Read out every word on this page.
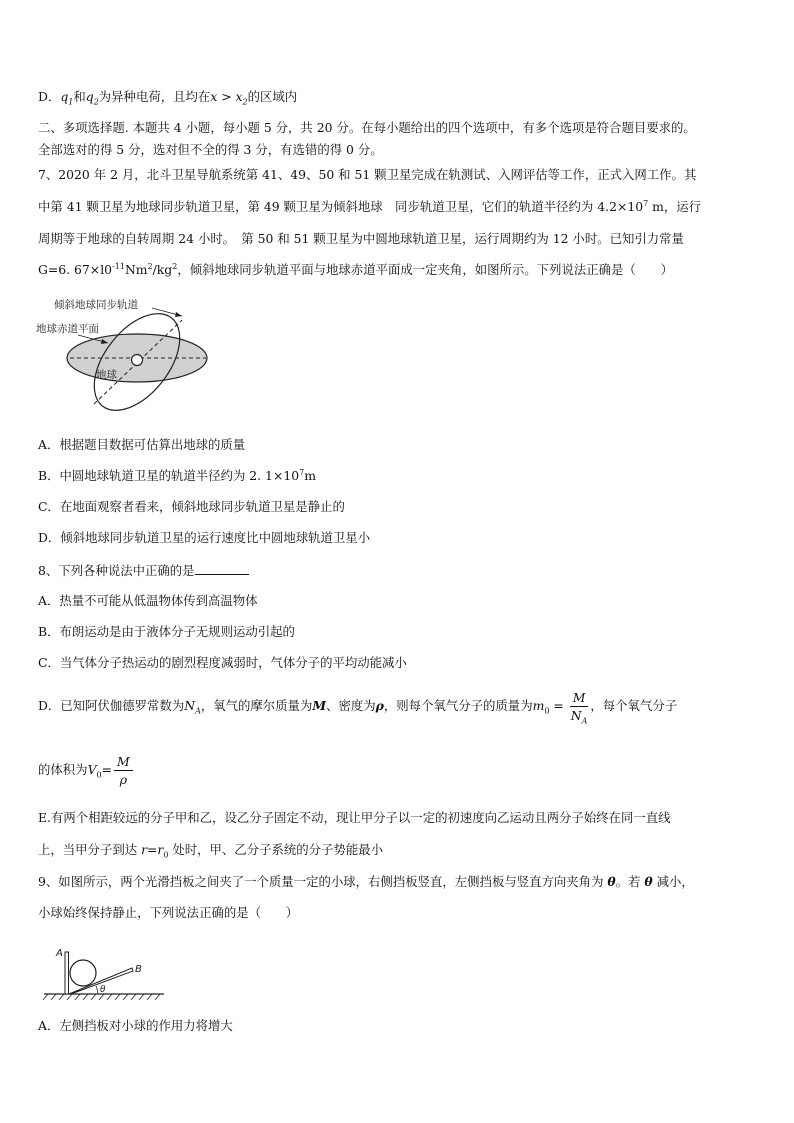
D．$q_1$和$q_2$为异种电荷，且均在$x > x_2$的区域内
二、多项选择题. 本题共 4 小题，每小题 5 分，共 20 分。在每小题给出的四个选项中，有多个选项是符合题目要求的。
全部选对的得 5 分，选对但不全的得 3 分，有选错的得 0 分。
7、2020 年 2 月，北斗卫星导航系统第 41、49、50 和 51 颗卫星完成在轨测试、入网评估等工作，正式入网工作。其
中第 41 颗卫星为地球同步轨道卫星，第 49 颗卫星为倾斜地球　同步轨道卫星，它们的轨道半径约为 $4.2\times 10^7$ m，运行
周期等于地球的自转周期 24 小时。　第 50 和 51 颗卫星为中圆地球轨道卫星，运行周期约为 12 小时。已知引力常量
G=6. $67\times l0^{-11}Nm^2/kg^2$，倾斜地球同步轨道平面与地球赤道平面成一定夹角，如图所示。下列说法正确是（　　）
倾斜地球同步轨道
地球赤道平面
地球
A．根据题目数据可估算出地球的质量
B．中圆地球轨道卫星的轨道半径约为 2. $1\times 10^7m$
C．在地面观察者看来，倾斜地球同步轨道卫星是静止的
D．倾斜地球同步轨道卫星的运行速度比中圆地球轨道卫星小
8、下列各种说法中正确的是
A．热量不可能从低温物体传到高温物体
B．布朗运动是由于液体分子无规则运动引起的
C．当气体分子热运动的剧烈程度减弱时，气体分子的平均动能减小
D．已知阿伏伽德罗常数为$N_A$，氧气的摩尔质量为M、密度为ρ，则每个氧气分子的质量为$m_0 = \frac{M}{N_A}$ ，每个氧气分子
的体积为$V_0= \frac{M}{\rho}$
E.有两个相距较远的分子甲和乙，设乙分子固定不动，现让甲分子以一定的初速度向乙运动且两分子始终在同一直线
上，当甲分子到达 $r=r_0$ 处时，甲、乙分子系统的分子势能最小
9、如图所示，两个光滑挡板之间夹了一个质量一定的小球，右侧挡板竖直，左侧挡板与竖直方向夹角为 θ。若 θ 减小，
小球始终保持静止，下列说法正确的是（　　）
A
B
θ
A．左侧挡板对小球的作用力将增大
